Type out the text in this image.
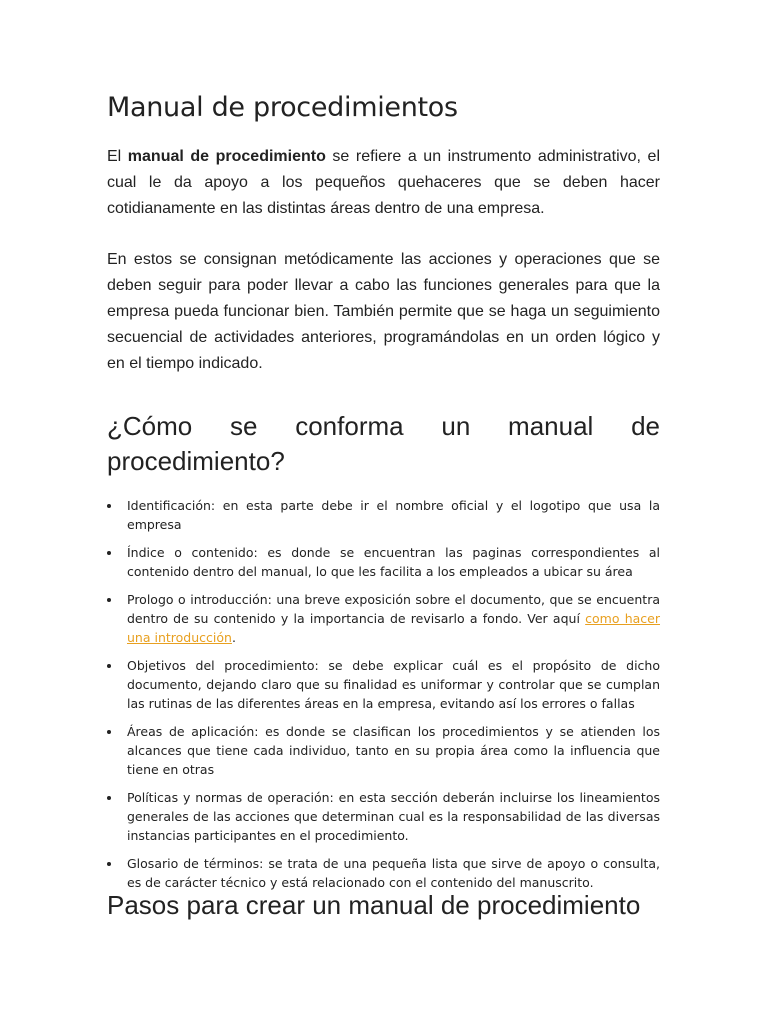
Manual de procedimientos

El manual de procedimiento se refiere a un instrumento administrativo, el cual le da apoyo a los pequeños quehaceres que se deben hacer cotidianamente en las distintas áreas dentro de una empresa.

En estos se consignan metódicamente las acciones y operaciones que se deben seguir para poder llevar a cabo las funciones generales para que la empresa pueda funcionar bien. También permite que se haga un seguimiento secuencial de actividades anteriores, programándolas en un orden lógico y en el tiempo indicado.

¿Cómo se conforma un manual de
procedimiento?
Identificación: en esta parte debe ir el nombre oficial y el logotipo que usa la empresa
Índice o contenido: es donde se encuentran las paginas correspondientes al contenido dentro del manual, lo que les facilita a los empleados a ubicar su área
Prologo o introducción: una breve exposición sobre el documento, que se encuentra dentro de su contenido y la importancia de revisarlo a fondo. Ver aquí como hacer una introducción.
Objetivos del procedimiento: se debe explicar cuál es el propósito de dicho documento, dejando claro que su finalidad es uniformar y controlar que se cumplan las rutinas de las diferentes áreas en la empresa, evitando así los errores o fallas
Áreas de aplicación: es donde se clasifican los procedimientos y se atienden los alcances que tiene cada individuo, tanto en su propia área como la influencia que tiene en otras
Políticas y normas de operación: en esta sección deberán incluirse los lineamientos generales de las acciones que determinan cual es la responsabilidad de las diversas instancias participantes en el procedimiento.
Glosario de términos: se trata de una pequeña lista que sirve de apoyo o consulta, es de carácter técnico y está relacionado con el contenido del manuscrito.
Pasos para crear un manual de procedimiento
